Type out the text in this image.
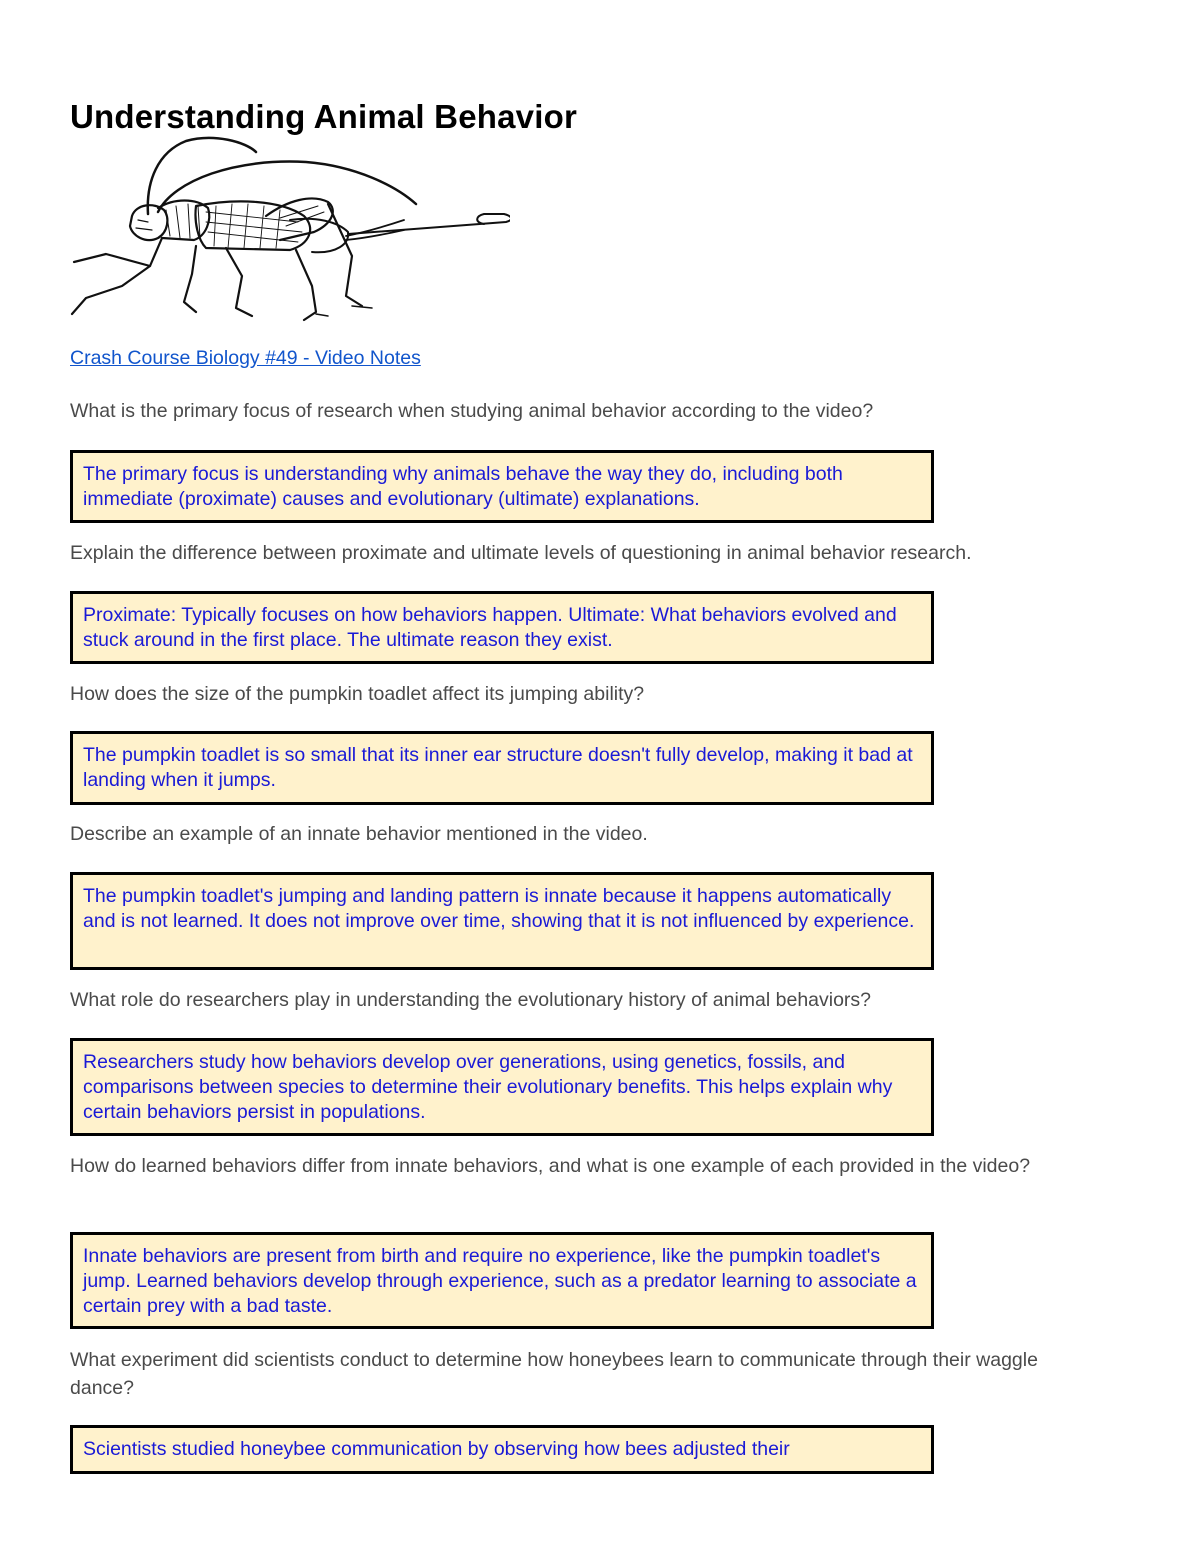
Understanding Animal Behavior
Crash Course Biology #49 - Video Notes

What is the primary focus of research when studying animal behavior according to the video?

The primary focus is understanding why animals behave the way they do, including both immediate (proximate) causes and evolutionary (ultimate) explanations.

Explain the difference between proximate and ultimate levels of questioning in animal behavior research.

Proximate: Typically focuses on how behaviors happen. Ultimate: What behaviors evolved and stuck around in the first place. The ultimate reason they exist.

How does the size of the pumpkin toadlet affect its jumping ability?

The pumpkin toadlet is so small that its inner ear structure doesn't fully develop, making it bad at landing when it jumps.

Describe an example of an innate behavior mentioned in the video.

The pumpkin toadlet's jumping and landing pattern is innate because it happens automatically and is not learned. It does not improve over time, showing that it is not influenced by experience.

What role do researchers play in understanding the evolutionary history of animal behaviors?

Researchers study how behaviors develop over generations, using genetics, fossils, and comparisons between species to determine their evolutionary benefits. This helps explain why certain behaviors persist in populations.

How do learned behaviors differ from innate behaviors, and what is one example of each provided in the video?

Innate behaviors are present from birth and require no experience, like the pumpkin toadlet's jump. Learned behaviors develop through experience, such as a predator learning to associate a certain prey with a bad taste.

What experiment did scientists conduct to determine how honeybees learn to communicate through their waggle dance?

Scientists studied honeybee communication by observing how bees adjusted their
